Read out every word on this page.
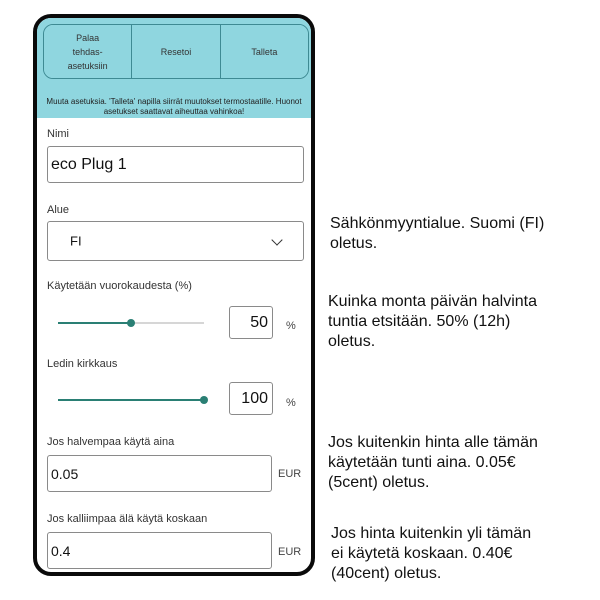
Palaa
tehdas-
asetuksiin
Resetoi	Talleta
Muuta asetuksia. 'Talleta' napilla siirrät muutokset termostaatille. Huonot asetukset saattavat aiheuttaa vahinkoa!
Nimi
eco Plug 1
Alue
FI
Käytetään vuorokaudesta (%)
50 %
Ledin kirkkaus
100 %
Jos halvempaa käytä aina
0.05	EUR
Jos kalliimpaa älä käytä koskaan
0.4	EUR
Sähkönmyyntialue. Suomi (FI)
oletus.
Kuinka monta päivän halvinta
tuntia etsitään. 50% (12h)
oletus.
Jos kuitenkin hinta alle tämän
käytetään tunti aina. 0.05€
(5cent) oletus.
Jos hinta kuitenkin yli tämän
ei käytetä koskaan. 0.40€
(40cent) oletus.
